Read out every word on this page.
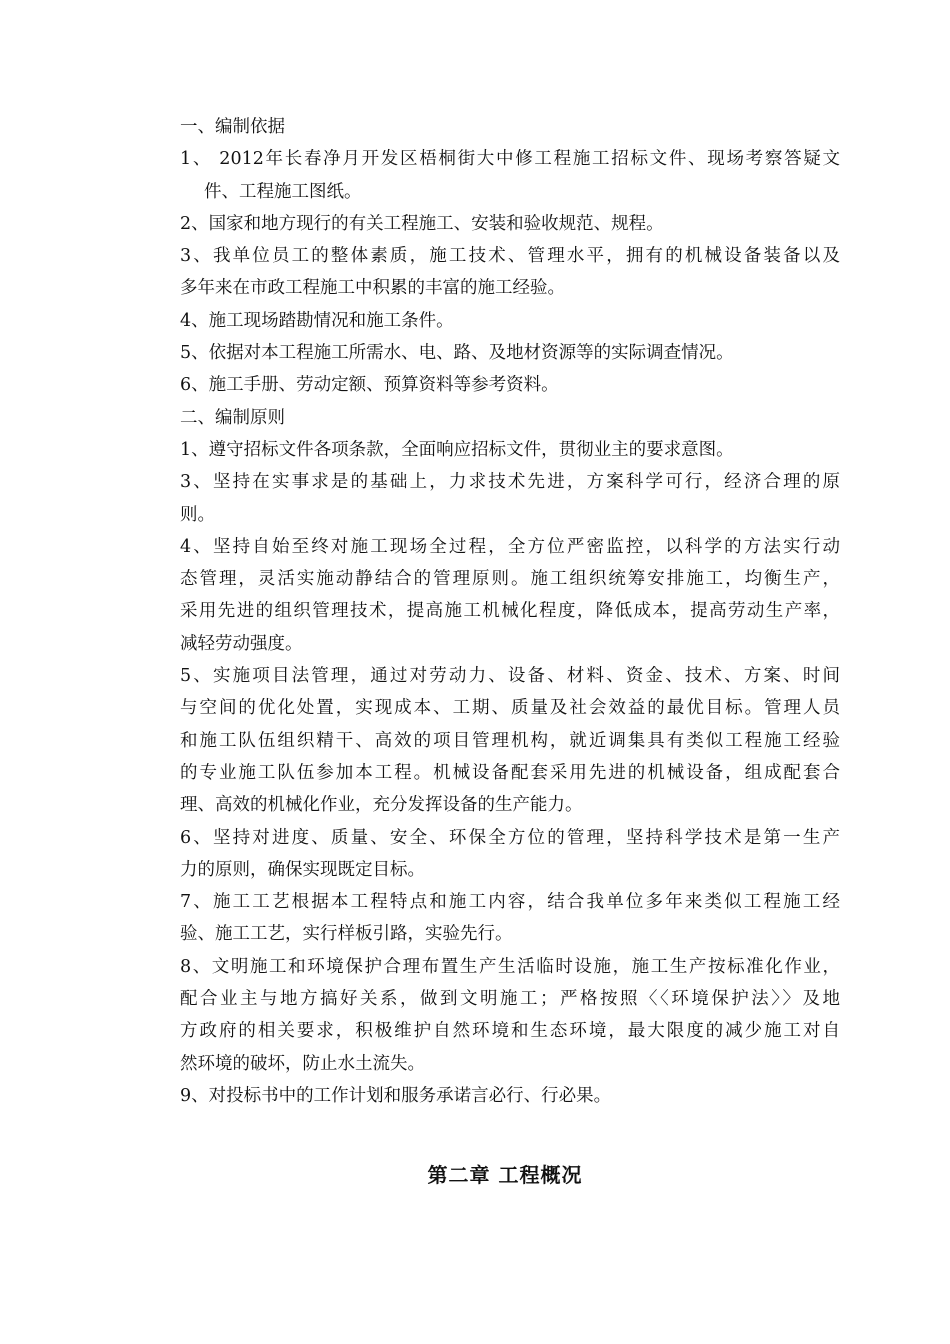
一、编制依据
1、 2012年长春净月开发区梧桐街大中修工程施工招标文件、现场考察答疑文
件、工程施工图纸。
2、国家和地方现行的有关工程施工、安装和验收规范、规程。
3、我单位员工的整体素质，施工技术、管理水平，拥有的机械设备装备以及
多年来在市政工程施工中积累的丰富的施工经验。
4、施工现场踏勘情况和施工条件。
5、依据对本工程施工所需水、电、路、及地材资源等的实际调查情况。
6、施工手册、劳动定额、预算资料等参考资料。
二、编制原则
1、遵守招标文件各项条款，全面响应招标文件，贯彻业主的要求意图。
3、坚持在实事求是的基础上，力求技术先进，方案科学可行，经济合理的原
则。
4、坚持自始至终对施工现场全过程，全方位严密监控，以科学的方法实行动
态管理，灵活实施动静结合的管理原则。施工组织统筹安排施工，均衡生产，
采用先进的组织管理技术，提高施工机械化程度，降低成本，提高劳动生产率，
减轻劳动强度。
5、实施项目法管理，通过对劳动力、设备、材料、资金、技术、方案、时间
与空间的优化处置，实现成本、工期、质量及社会效益的最优目标。管理人员
和施工队伍组织精干、高效的项目管理机构，就近调集具有类似工程施工经验
的专业施工队伍参加本工程。机械设备配套采用先进的机械设备，组成配套合
理、高效的机械化作业，充分发挥设备的生产能力。
6、坚持对进度、质量、安全、环保全方位的管理，坚持科学技术是第一生产
力的原则，确保实现既定目标。
7、施工工艺根据本工程特点和施工内容，结合我单位多年来类似工程施工经
验、施工工艺，实行样板引路，实验先行。
8、文明施工和环境保护合理布置生产生活临时设施，施工生产按标准化作业，
配合业主与地方搞好关系，做到文明施工；严格按照〈〈环境保护法〉〉及地
方政府的相关要求，积极维护自然环境和生态环境，最大限度的减少施工对自
然环境的破坏，防止水土流失。
9、对投标书中的工作计划和服务承诺言必行、行必果。
第二章 工程概况
